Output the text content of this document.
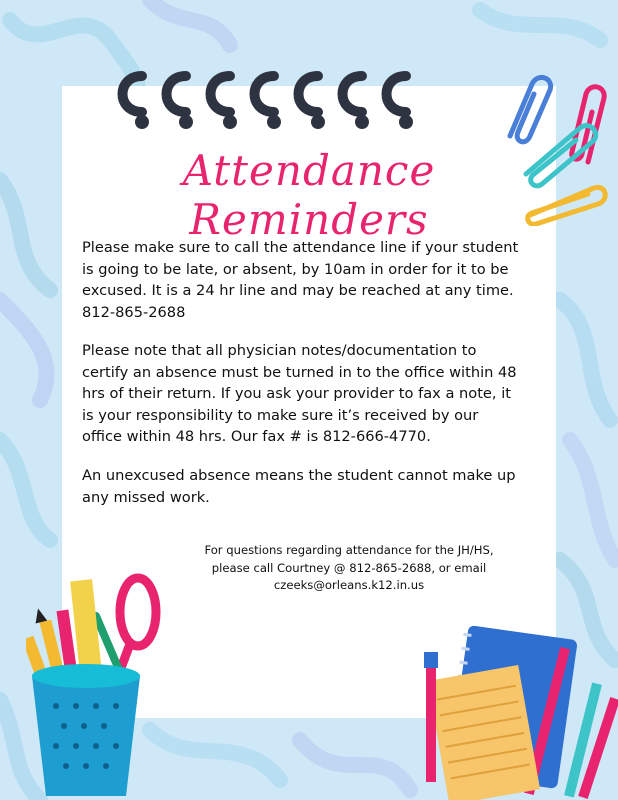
Attendance Reminders
Please make sure to call the attendance line if your student is going to be late, or absent, by 10am in order for it to be excused. It is a 24 hr line and may be reached at any time. 812-865-2688
Please note that all physician notes/documentation to certify an absence must be turned in to the office within 48 hrs of their return. If you ask your provider to fax a note, it is your responsibility to make sure it’s received by our office within 48 hrs. Our fax # is 812-666-4770.
An unexcused absence means the student cannot make up any missed work.
For questions regarding attendance for the JH/HS,
please call Courtney @ 812-865-2688, or email
czeeks@orleans.k12.in.us
